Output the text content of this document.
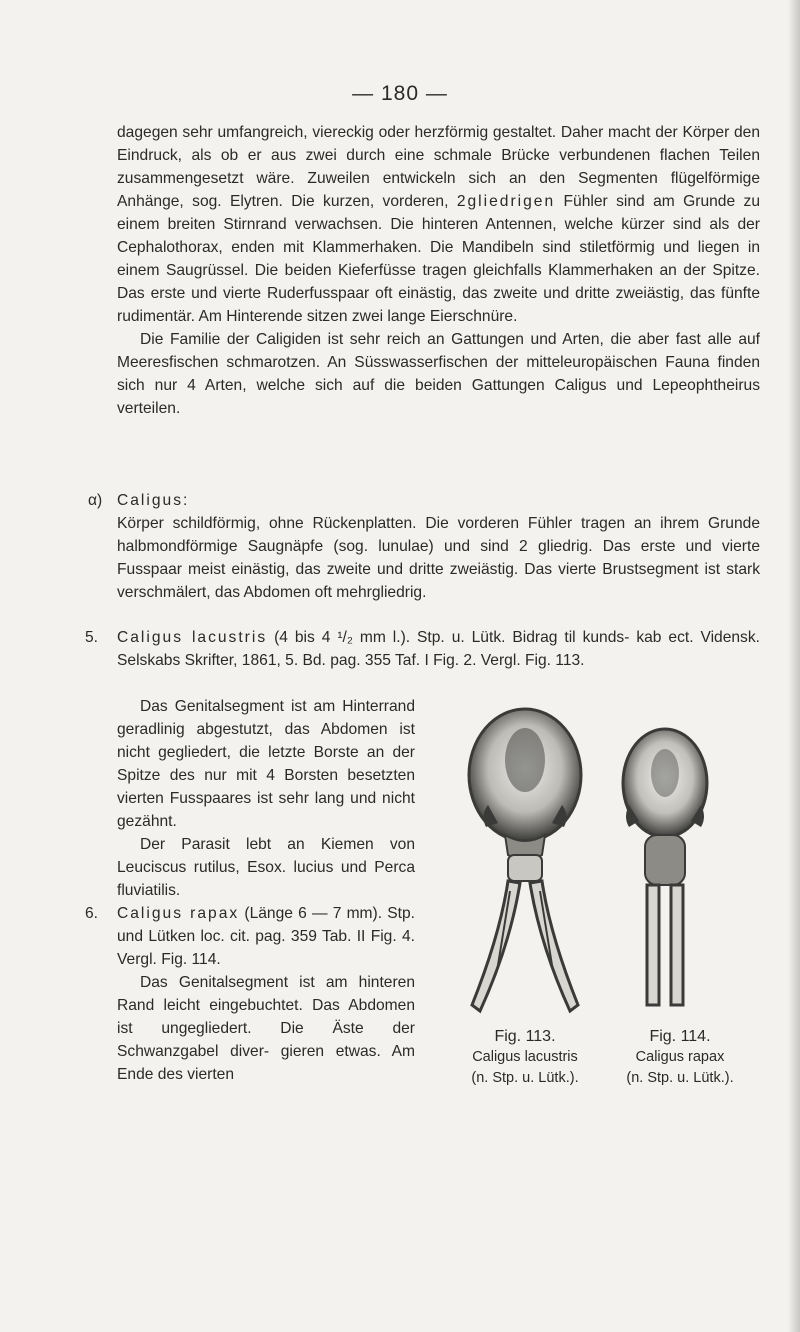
— 180 —

dagegen sehr umfangreich, viereckig oder herzförmig gestaltet. Daher macht der Körper den Eindruck, als ob er aus zwei durch eine schmale Brücke verbundenen flachen Teilen zusammengesetzt wäre. Zuweilen entwickeln sich an den Segmenten flügelförmige Anhänge, sog. Elytren. Die kurzen, vorderen, 2gliedrigen Fühler sind am Grunde zu einem breiten Stirnrand verwachsen. Die hinteren Antennen, welche kürzer sind als der Cephalothorax, enden mit Klammerhaken. Die Mandibeln sind stiletförmig und liegen in einem Saugrüssel. Die beiden Kieferfüsse tragen gleichfalls Klammerhaken an der Spitze. Das erste und vierte Ruderfusspaar oft einästig, das zweite und dritte zweiästig, das fünfte rudimentär. Am Hinterende sitzen zwei lange Eierschnüre.

Die Familie der Caligiden ist sehr reich an Gattungen und Arten, die aber fast alle auf Meeresfischen schmarotzen. An Süsswasserfischen der mitteleuropäischen Fauna finden sich nur 4 Arten, welche sich auf die beiden Gattungen Caligus und Lepeophtheirus verteilen.

α) Caligus:

Körper schildförmig, ohne Rückenplatten. Die vorderen Fühler tragen an ihrem Grunde halbmondförmige Saugnäpfe (sog. lunulae) und sind 2 gliedrig. Das erste und vierte Fusspaar meist einästig, das zweite und dritte zweiästig. Das vierte Brustsegment ist stark verschmälert, das Abdomen oft mehrgliedrig.

5. Caligus lacustris (4 bis 4 ¹/₂ mm l.). Stp. u. Lütk. Bidrag til kunds- kab ect. Vidensk. Selskabs Skrifter, 1861, 5. Bd. pag. 355 Taf. I Fig. 2. Vergl. Fig. 113.

Das Genitalsegment ist am Hinterrand geradlinig abgestutzt, das Abdomen ist nicht gegliedert, die letzte Borste an der Spitze des nur mit 4 Borsten besetzten vierten Fusspaares ist sehr lang und nicht gezähnt.

Der Parasit lebt an Kiemen von Leuciscus rutilus, Esox. lucius und Perca fluviatilis.

6. Caligus rapax (Länge 6 — 7 mm). Stp. und Lütken loc. cit. pag. 359 Tab. II Fig. 4. Vergl. Fig. 114.

Das Genitalsegment ist am hinteren Rand leicht eingebuchtet. Das Abdomen ist ungegliedert. Die Äste der Schwanzgabel diver- gieren etwas. Am Ende des vierten

Fig. 113.
Caligus lacustris
(n. Stp. u. Lütk.).
Fig. 114.
Caligus rapax
(n. Stp. u. Lütk.).
